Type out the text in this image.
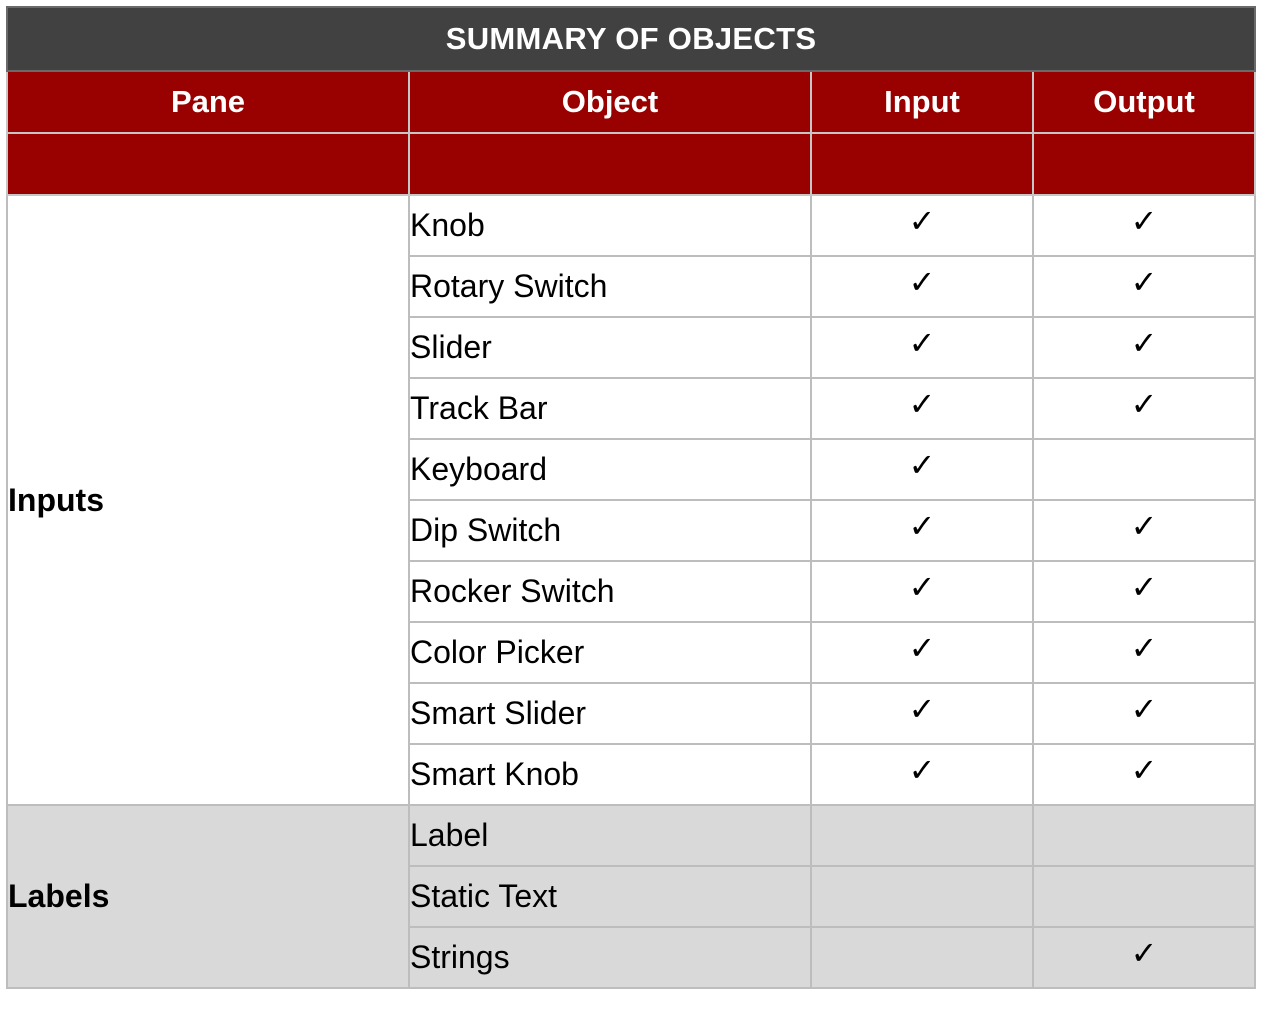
SUMMARY OF OBJECTS			
Pane	Object	Input	Output

Inputs	Knob	✓	✓
	Rotary Switch	✓	✓
	Slider	✓	✓
	Track Bar	✓	✓
	Keyboard	✓	
	Dip Switch	✓	✓
	Rocker Switch	✓	✓
	Color Picker	✓	✓
	Smart Slider	✓	✓
	Smart Knob	✓	✓
Labels	Label		
	Static Text		
	Strings		✓
